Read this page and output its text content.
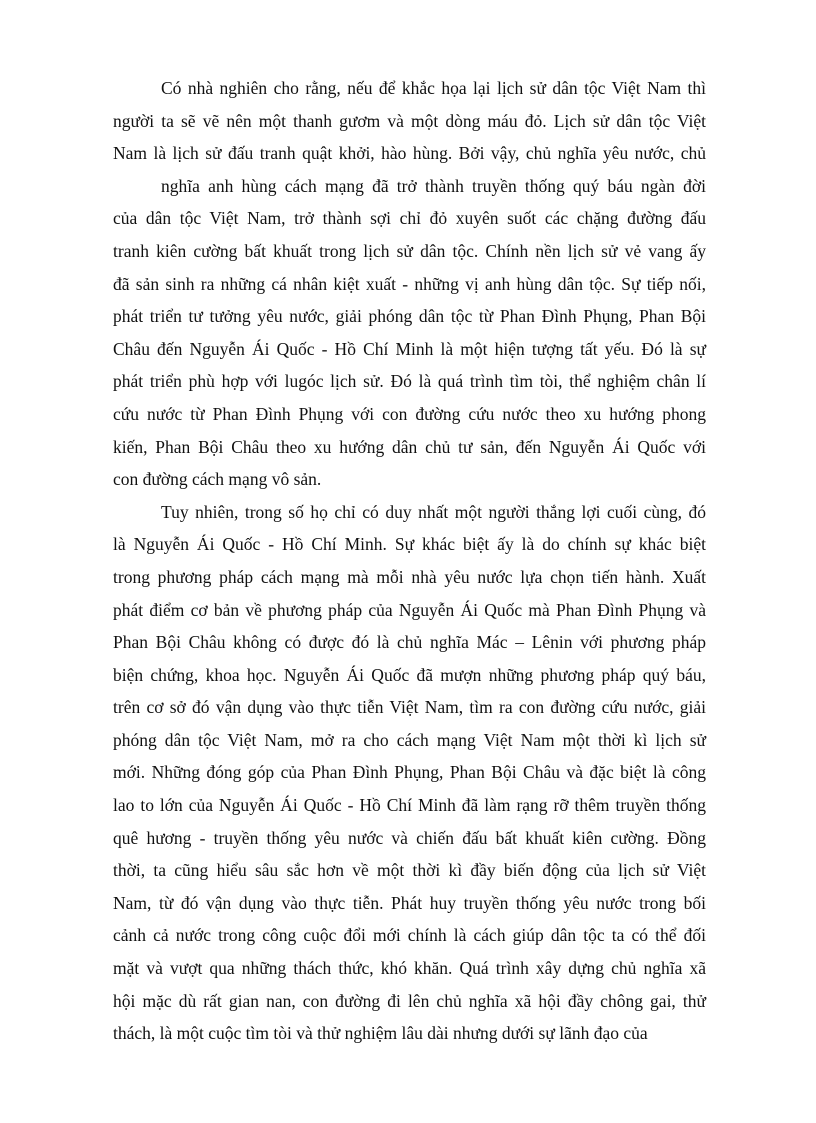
Có nhà nghiên cho rằng, nếu để khắc họa lại lịch sử dân tộc Việt Nam thì
người ta sẽ vẽ nên một thanh gươm và một dòng máu đỏ. Lịch sử dân tộc Việt
Nam là lịch sử đấu tranh quật khởi, hào hùng. Bởi vậy, chủ nghĩa yêu nước, chủ
nghĩa anh hùng cách mạng đã trở thành truyền thống quý báu ngàn đời
của dân tộc Việt Nam, trở thành sợi chỉ đỏ xuyên suốt các chặng đường đấu
tranh kiên cường bất khuất trong lịch sử dân tộc. Chính nền lịch sử vẻ vang ấy
đã sản sinh ra những cá nhân kiệt xuất - những vị anh hùng dân tộc. Sự tiếp nối,
phát triển tư tưởng yêu nước, giải phóng dân tộc từ Phan Đình Phụng, Phan Bội
Châu đến Nguyễn Ái Quốc - Hồ Chí Minh là một hiện tượng tất yếu. Đó là sự
phát triển phù hợp với lugóc lịch sử. Đó là quá trình tìm tòi, thể nghiệm chân lí
cứu nước từ Phan Đình Phụng với con đường cứu nước theo xu hướng phong
kiến, Phan Bội Châu theo xu hướng dân chủ tư sản, đến Nguyễn Ái Quốc với
con đường cách mạng vô sản.
Tuy nhiên, trong số họ chỉ có duy nhất một người thắng lợi cuối cùng, đó
là Nguyễn Ái Quốc - Hồ Chí Minh. Sự khác biệt ấy là do chính sự khác biệt
trong phương pháp cách mạng mà mỗi nhà yêu nước lựa chọn tiến hành. Xuất
phát điểm cơ bản về phương pháp của Nguyễn Ái Quốc mà Phan Đình Phụng và
Phan Bội Châu không có được đó là chủ nghĩa Mác – Lênin với phương pháp
biện chứng, khoa học. Nguyễn Ái Quốc đã mượn những phương pháp quý báu,
trên cơ sở đó vận dụng vào thực tiễn Việt Nam, tìm ra con đường cứu nước, giải
phóng dân tộc Việt Nam, mở ra cho cách mạng Việt Nam một thời kì lịch sử
mới. Những đóng góp của Phan Đình Phụng, Phan Bội Châu và đặc biệt là công
lao to lớn của Nguyễn Ái Quốc - Hồ Chí Minh đã làm rạng rỡ thêm truyền thống
quê hương - truyền thống yêu nước và chiến đấu bất khuất kiên cường. Đồng
thời, ta cũng hiểu sâu sắc hơn về một thời kì đầy biến động của lịch sử Việt
Nam, từ đó vận dụng vào thực tiễn. Phát huy truyền thống yêu nước trong bối
cảnh cả nước trong công cuộc đổi mới chính là cách giúp dân tộc ta có thể đối
mặt và vượt qua những thách thức, khó khăn. Quá trình xây dựng chủ nghĩa xã
hội mặc dù rất gian nan, con đường đi lên chủ nghĩa xã hội đầy chông gai, thử
thách, là một cuộc tìm tòi và thử nghiệm lâu dài nhưng dưới sự lãnh đạo của
